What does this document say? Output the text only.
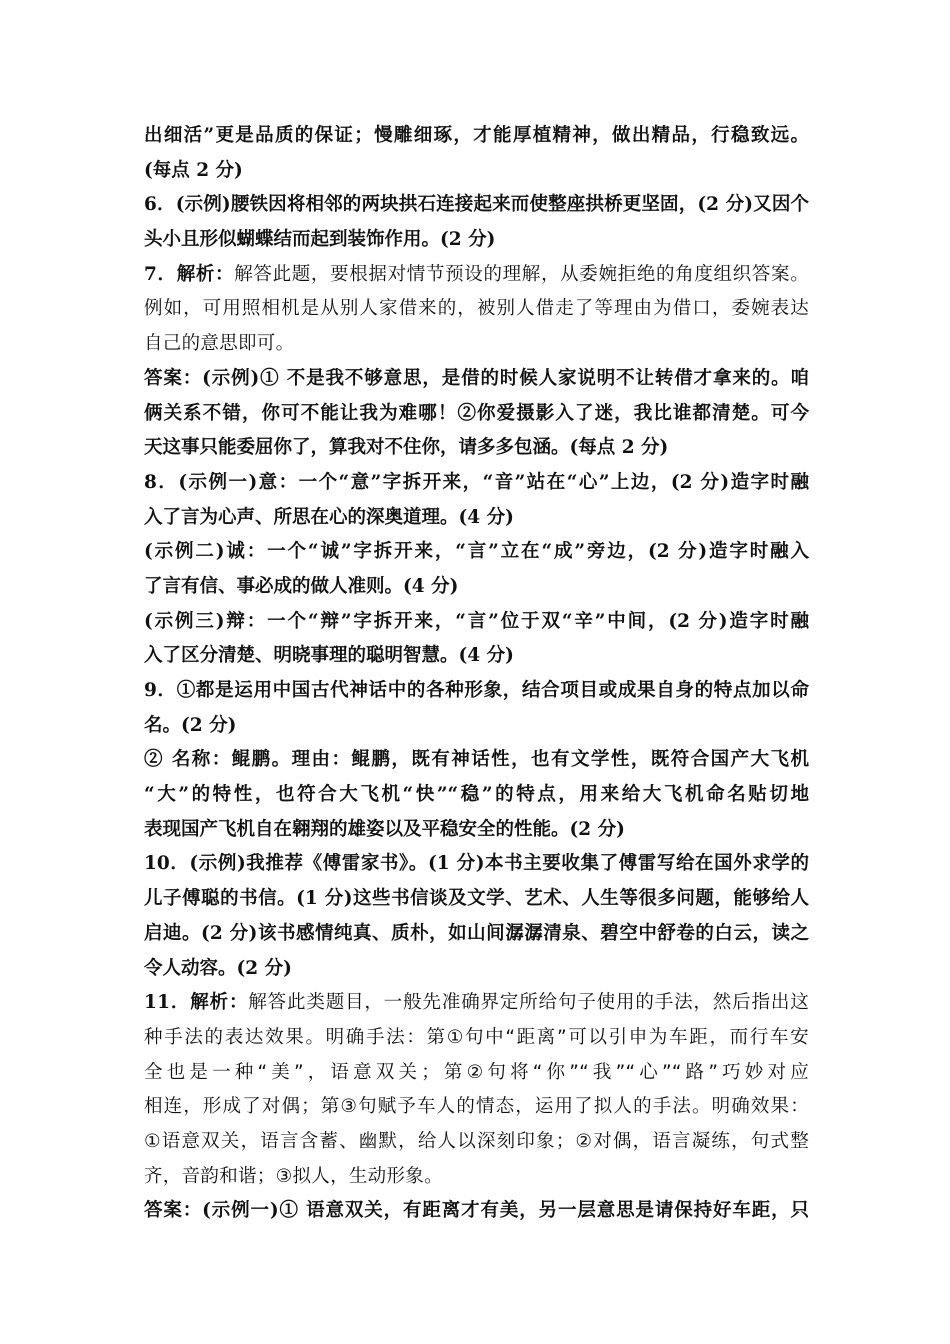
出细活”更是品质的保证；慢雕细琢，才能厚植精神，做出精品，行稳致远。
(每点 2 分)
6．(示例)腰铁因将相邻的两块拱石连接起来而使整座拱桥更坚固，(2 分)又因个
头小且形似蝴蝶结而起到装饰作用。(2 分)
7．解析：解答此题，要根据对情节预设的理解，从委婉拒绝的角度组织答案。
例如，可用照相机是从别人家借来的，被别人借走了等理由为借口，委婉表达
自己的意思即可。
答案：(示例)① 不是我不够意思，是借的时候人家说明不让转借才拿来的。咱
俩关系不错，你可不能让我为难哪！②你爱摄影入了迷，我比谁都清楚。可今
天这事只能委屈你了，算我对不住你，请多多包涵。(每点 2 分)
8．(示例一)意：一个“意”字拆开来，“音”站在“心”上边，(2 分)造字时融
入了言为心声、所思在心的深奥道理。(4 分)
(示例二)诚：一个“诚”字拆开来，“言”立在“成”旁边，(2 分)造字时融入
了言有信、事必成的做人准则。(4 分)
(示例三)辩：一个“辩”字拆开来，“言”位于双“辛”中间，(2 分)造字时融
入了区分清楚、明晓事理的聪明智慧。(4 分)
9．①都是运用中国古代神话中的各种形象，结合项目或成果自身的特点加以命
名。(2 分)
② 名称：鲲鹏。理由：鲲鹏，既有神话性，也有文学性，既符合国产大飞机
“大”的特性，也符合大飞机“快”“稳”的特点，用来给大飞机命名贴切地
表现国产飞机自在翱翔的雄姿以及平稳安全的性能。(2 分)
10．(示例)我推荐《傅雷家书》。(1 分)本书主要收集了傅雷写给在国外求学的
儿子傅聪的书信。(1 分)这些书信谈及文学、艺术、人生等很多问题，能够给人
启迪。(2 分)该书感情纯真、质朴，如山间潺潺清泉、碧空中舒卷的白云，读之
令人动容。(2 分)
11．解析：解答此类题目，一般先准确界定所给句子使用的手法，然后指出这
种手法的表达效果。明确手法：第①句中“距离”可以引申为车距，而行车安
全也是一种“美”，语意双关；第②句将“你”“我”“心”“路”巧妙对应
相连，形成了对偶；第③句赋予车人的情态，运用了拟人的手法。明确效果：
①语意双关，语言含蓄、幽默，给人以深刻印象；②对偶，语言凝练，句式整
齐，音韵和谐；③拟人，生动形象。
答案：(示例一)① 语意双关，有距离才有美，另一层意思是请保持好车距，只
